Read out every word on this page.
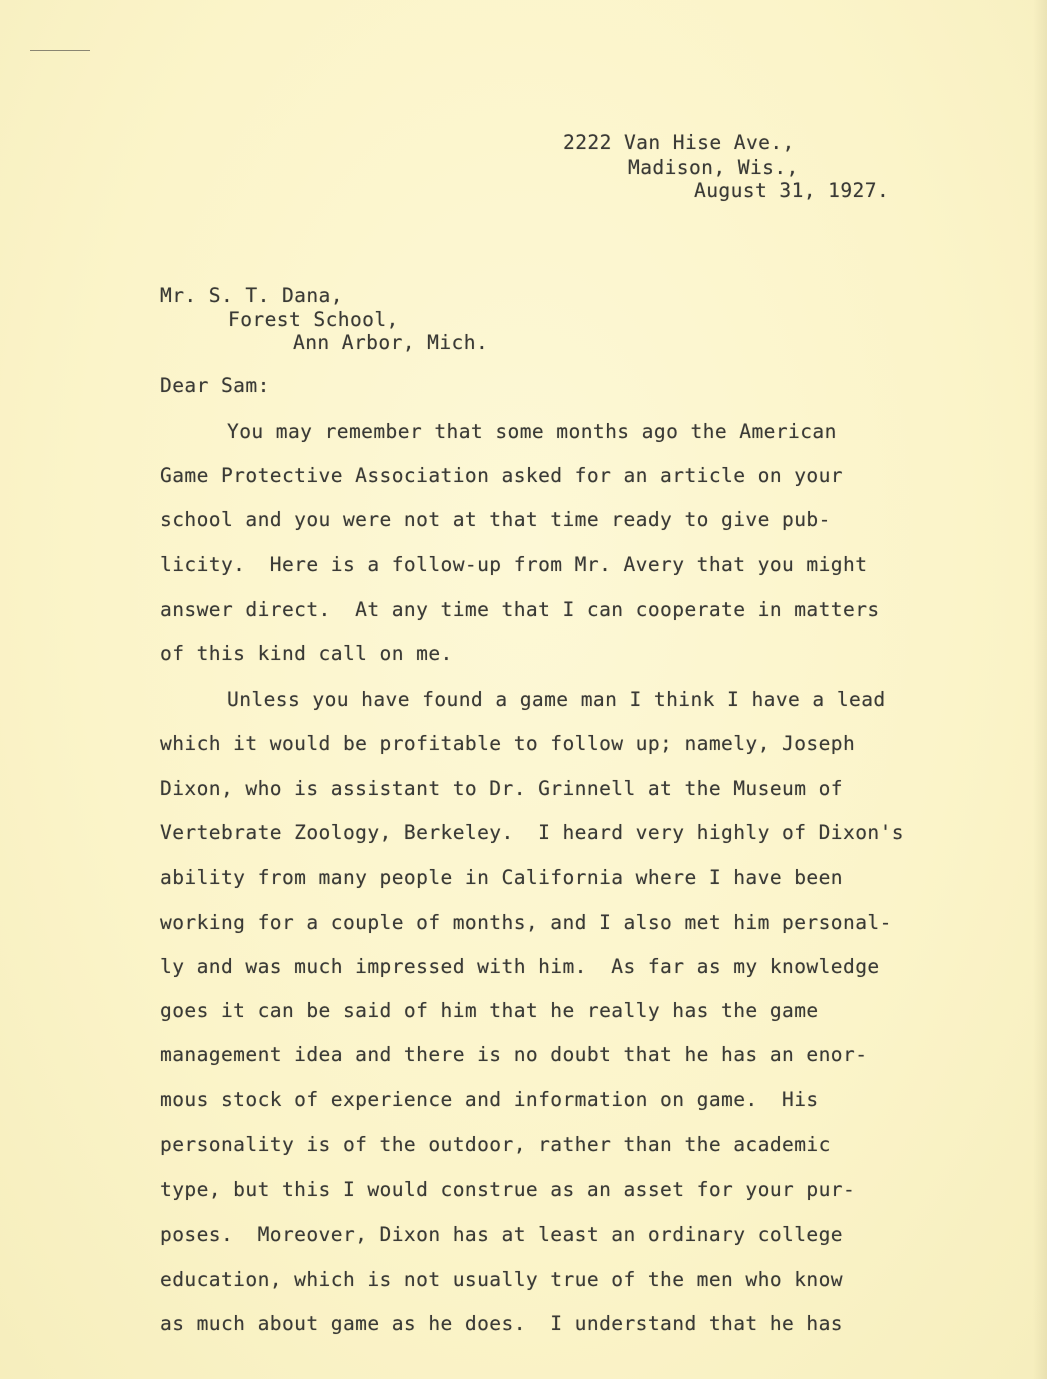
2222 Van Hise Ave.,
Madison, Wis.,
August 31, 1927.
Mr. S. T. Dana,
Forest School,
Ann Arbor, Mich.
Dear Sam:
You may remember that some months ago the American
Game Protective Association asked for an article on your
school and you were not at that time ready to give pub-
licity.  Here is a follow-up from Mr. Avery that you might
answer direct.  At any time that I can cooperate in matters
of this kind call on me.
Unless you have found a game man I think I have a lead
which it would be profitable to follow up; namely, Joseph
Dixon, who is assistant to Dr. Grinnell at the Museum of
Vertebrate Zoology, Berkeley.  I heard very highly of Dixon's
ability from many people in California where I have been
working for a couple of months, and I also met him personal-
ly and was much impressed with him.  As far as my knowledge
goes it can be said of him that he really has the game
management idea and there is no doubt that he has an enor-
mous stock of experience and information on game.  His
personality is of the outdoor, rather than the academic
type, but this I would construe as an asset for your pur-
poses.  Moreover, Dixon has at least an ordinary college
education, which is not usually true of the men who know
as much about game as he does.  I understand that he has
